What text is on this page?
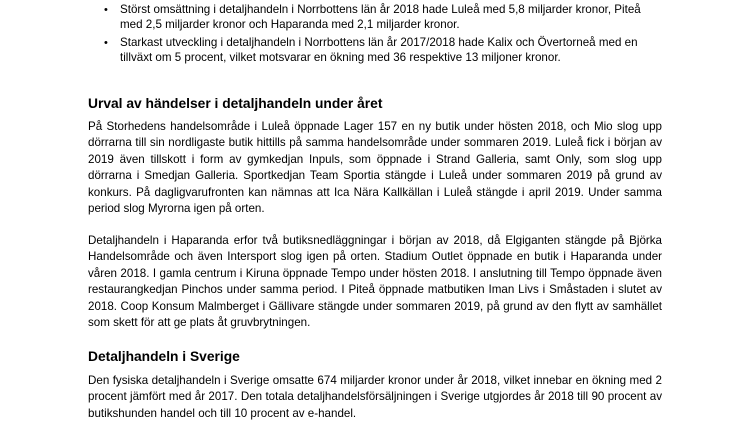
• Störst omsättning i detaljhandeln i Norrbottens län år 2018 hade Luleå med 5,8 miljarder kronor, Piteå med 2,5 miljarder kronor och Haparanda med 2,1 miljarder kronor.
• Starkast utveckling i detaljhandeln i Norrbottens län år 2017/2018 hade Kalix och Övertorneå med en tillväxt om 5 procent, vilket motsvarar en ökning med 36 respektive 13 miljoner kronor.
Urval av händelser i detaljhandeln under året

På Storhedens handelsområde i Luleå öppnade Lager 157 en ny butik under hösten 2018, och Mio slog upp dörrarna till sin nordligaste butik hittills på samma handelsområde under sommaren 2019. Luleå fick i början av 2019 även tillskott i form av gymkedjan Inpuls, som öppnade i Strand Galleria, samt Only, som slog upp dörrarna i Smedjan Galleria. Sportkedjan Team Sportia stängde i Luleå under sommaren 2019 på grund av konkurs. På dagligvarufronten kan nämnas att Ica Nära Kallkällan i Luleå stängde i april 2019. Under samma period slog Myrorna igen på orten.

Detaljhandeln i Haparanda erfor två butiksnedläggningar i början av 2018, då Elgiganten stängde på Björka Handelsområde och även Intersport slog igen på orten. Stadium Outlet öppnade en butik i Haparanda under våren 2018. I gamla centrum i Kiruna öppnade Tempo under hösten 2018. I anslutning till Tempo öppnade även restaurangkedjan Pinchos under samma period. I Piteå öppnade matbutiken Iman Livs i Småstaden i slutet av 2018. Coop Konsum Malmberget i Gällivare stängde under sommaren 2019, på grund av den flytt av samhället som skett för att ge plats åt gruvbrytningen.

Detaljhandeln i Sverige

Den fysiska detaljhandeln i Sverige omsatte 674 miljarder kronor under år 2018, vilket innebar en ökning med 2 procent jämfört med år 2017. Den totala detaljhandelsförsäljningen i Sverige utgjordes år 2018 till 90 procent av butikshunden handel och till 10 procent av e-handel.
